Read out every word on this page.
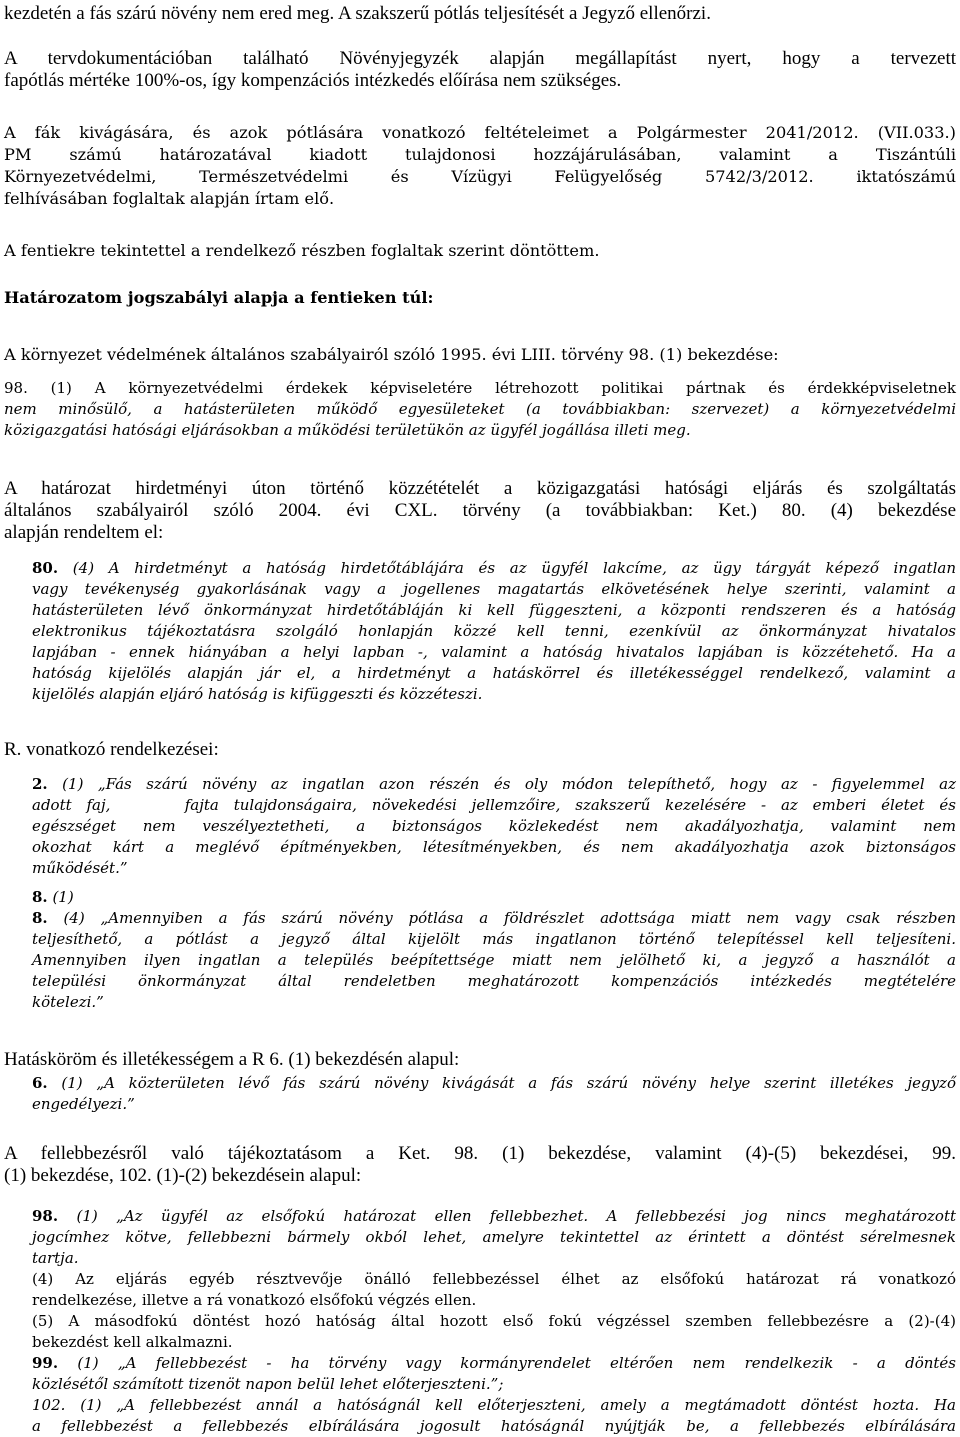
kezdetén a fás szárú növény nem ered meg. A szakszerű pótlás teljesítését a Jegyző ellenőrzi.

A tervdokumentációban található Növényjegyzék alapján megállapítást nyert, hogy a tervezett

fapótlás mértéke 100%-os, így kompenzációs intézkedés előírása nem szükséges.

A fák kivágására, és azok pótlására vonatkozó feltételeimet a Polgármester 2041/2012. (VII.033.)

PM számú határozatával kiadott tulajdonosi hozzájárulásában, valamint a Tiszántúli

Környezetvédelmi, Természetvédelmi és Vízügyi Felügyelőség 5742/3/2012. iktatószámú

felhívásában foglaltak alapján írtam elő.

A fentiekre tekintettel a rendelkező részben foglaltak szerint döntöttem.

Határozatom jogszabályi alapja a fentieken túl:

A környezet védelmének általános szabályairól szóló 1995. évi LIII. törvény 98. (1) bekezdése:

98. (1) A környezetvédelmi érdekek képviseletére létrehozott politikai pártnak és érdekképviseletnek

nem minősülő, a hatásterületen működő egyesületeket (a továbbiakban: szervezet) a környezetvédelmi

közigazgatási hatósági eljárásokban a működési területükön az ügyfél jogállása illeti meg.

A határozat hirdetményi úton történő közzétételét a közigazgatási hatósági eljárás és szolgáltatás

általános szabályairól szóló 2004. évi CXL. törvény (a továbbiakban: Ket.) 80. (4) bekezdése

alapján rendeltem el:

80. (4) A hirdetményt a hatóság hirdetőtáblájára és az ügyfél lakcíme, az ügy tárgyát képező ingatlan

vagy tevékenység gyakorlásának vagy a jogellenes magatartás elkövetésének helye szerinti, valamint a

hatásterületen lévő önkormányzat hirdetőtábláján ki kell függeszteni, a központi rendszeren és a hatóság

elektronikus tájékoztatásra szolgáló honlapján közzé kell tenni, ezenkívül az önkormányzat hivatalos

lapjában - ennek hiányában a helyi lapban -, valamint a hatóság hivatalos lapjában is közzétehető. Ha a

hatóság kijelölés alapján jár el, a hirdetményt a hatáskörrel és illetékességgel rendelkező, valamint a

kijelölés alapján eljáró hatóság is kifüggeszti és közzéteszi.

R. vonatkozó rendelkezései:

2. (1) „Fás szárú növény az ingatlan azon részén és oly módon telepíthető, hogy az - figyelemmel az

adott faj,     fajta tulajdonságaira, növekedési jellemzőire, szakszerű kezelésére - az emberi életet és

egészséget nem veszélyeztetheti, a biztonságos közlekedést nem akadályozhatja, valamint nem

okozhat kárt a meglévő építményekben, létesítményekben, és nem akadályozhatja azok biztonságos

működését.”

8. (1)

8. (4) „Amennyiben a fás szárú növény pótlása a földrészlet adottsága miatt nem vagy csak részben

teljesíthető, a pótlást a jegyző által kijelölt más ingatlanon történő telepítéssel kell teljesíteni.

Amennyiben ilyen ingatlan a település beépítettsége miatt nem jelölhető ki, a jegyző a használót a

települési önkormányzat által rendeletben meghatározott kompenzációs intézkedés megtételére

kötelezi.”

Hatásköröm és illetékességem a R 6. (1) bekezdésén alapul:

6. (1) „A közterületen lévő fás szárú növény kivágását a fás szárú növény helye szerint illetékes jegyző

engedélyezi.”

A fellebbezésről való tájékoztatásom a Ket. 98. (1) bekezdése, valamint (4)-(5) bekezdései, 99.

(1) bekezdése, 102. (1)-(2) bekezdésein alapul:

98. (1) „Az ügyfél az elsőfokú határozat ellen fellebbezhet. A fellebbezési jog nincs meghatározott

jogcímhez kötve, fellebbezni bármely okból lehet, amelyre tekintettel az érintett a döntést sérelmesnek

tartja.

(4) Az eljárás egyéb résztvevője önálló fellebbezéssel élhet az elsőfokú határozat rá vonatkozó

rendelkezése, illetve a rá vonatkozó elsőfokú végzés ellen.

(5) A másodfokú döntést hozó hatóság által hozott első fokú végzéssel szemben fellebbezésre a (2)-(4)

bekezdést kell alkalmazni.

99. (1) „A fellebbezést - ha törvény vagy kormányrendelet eltérően nem rendelkezik - a döntés

közlésétől számított tizenöt napon belül lehet előterjeszteni.”;

102. (1) „A fellebbezést annál a hatóságnál kell előterjeszteni, amely a megtámadott döntést hozta. Ha

a fellebbezést a fellebbezés elbírálására jogosult hatóságnál nyújtják be, a fellebbezés elbírálására
